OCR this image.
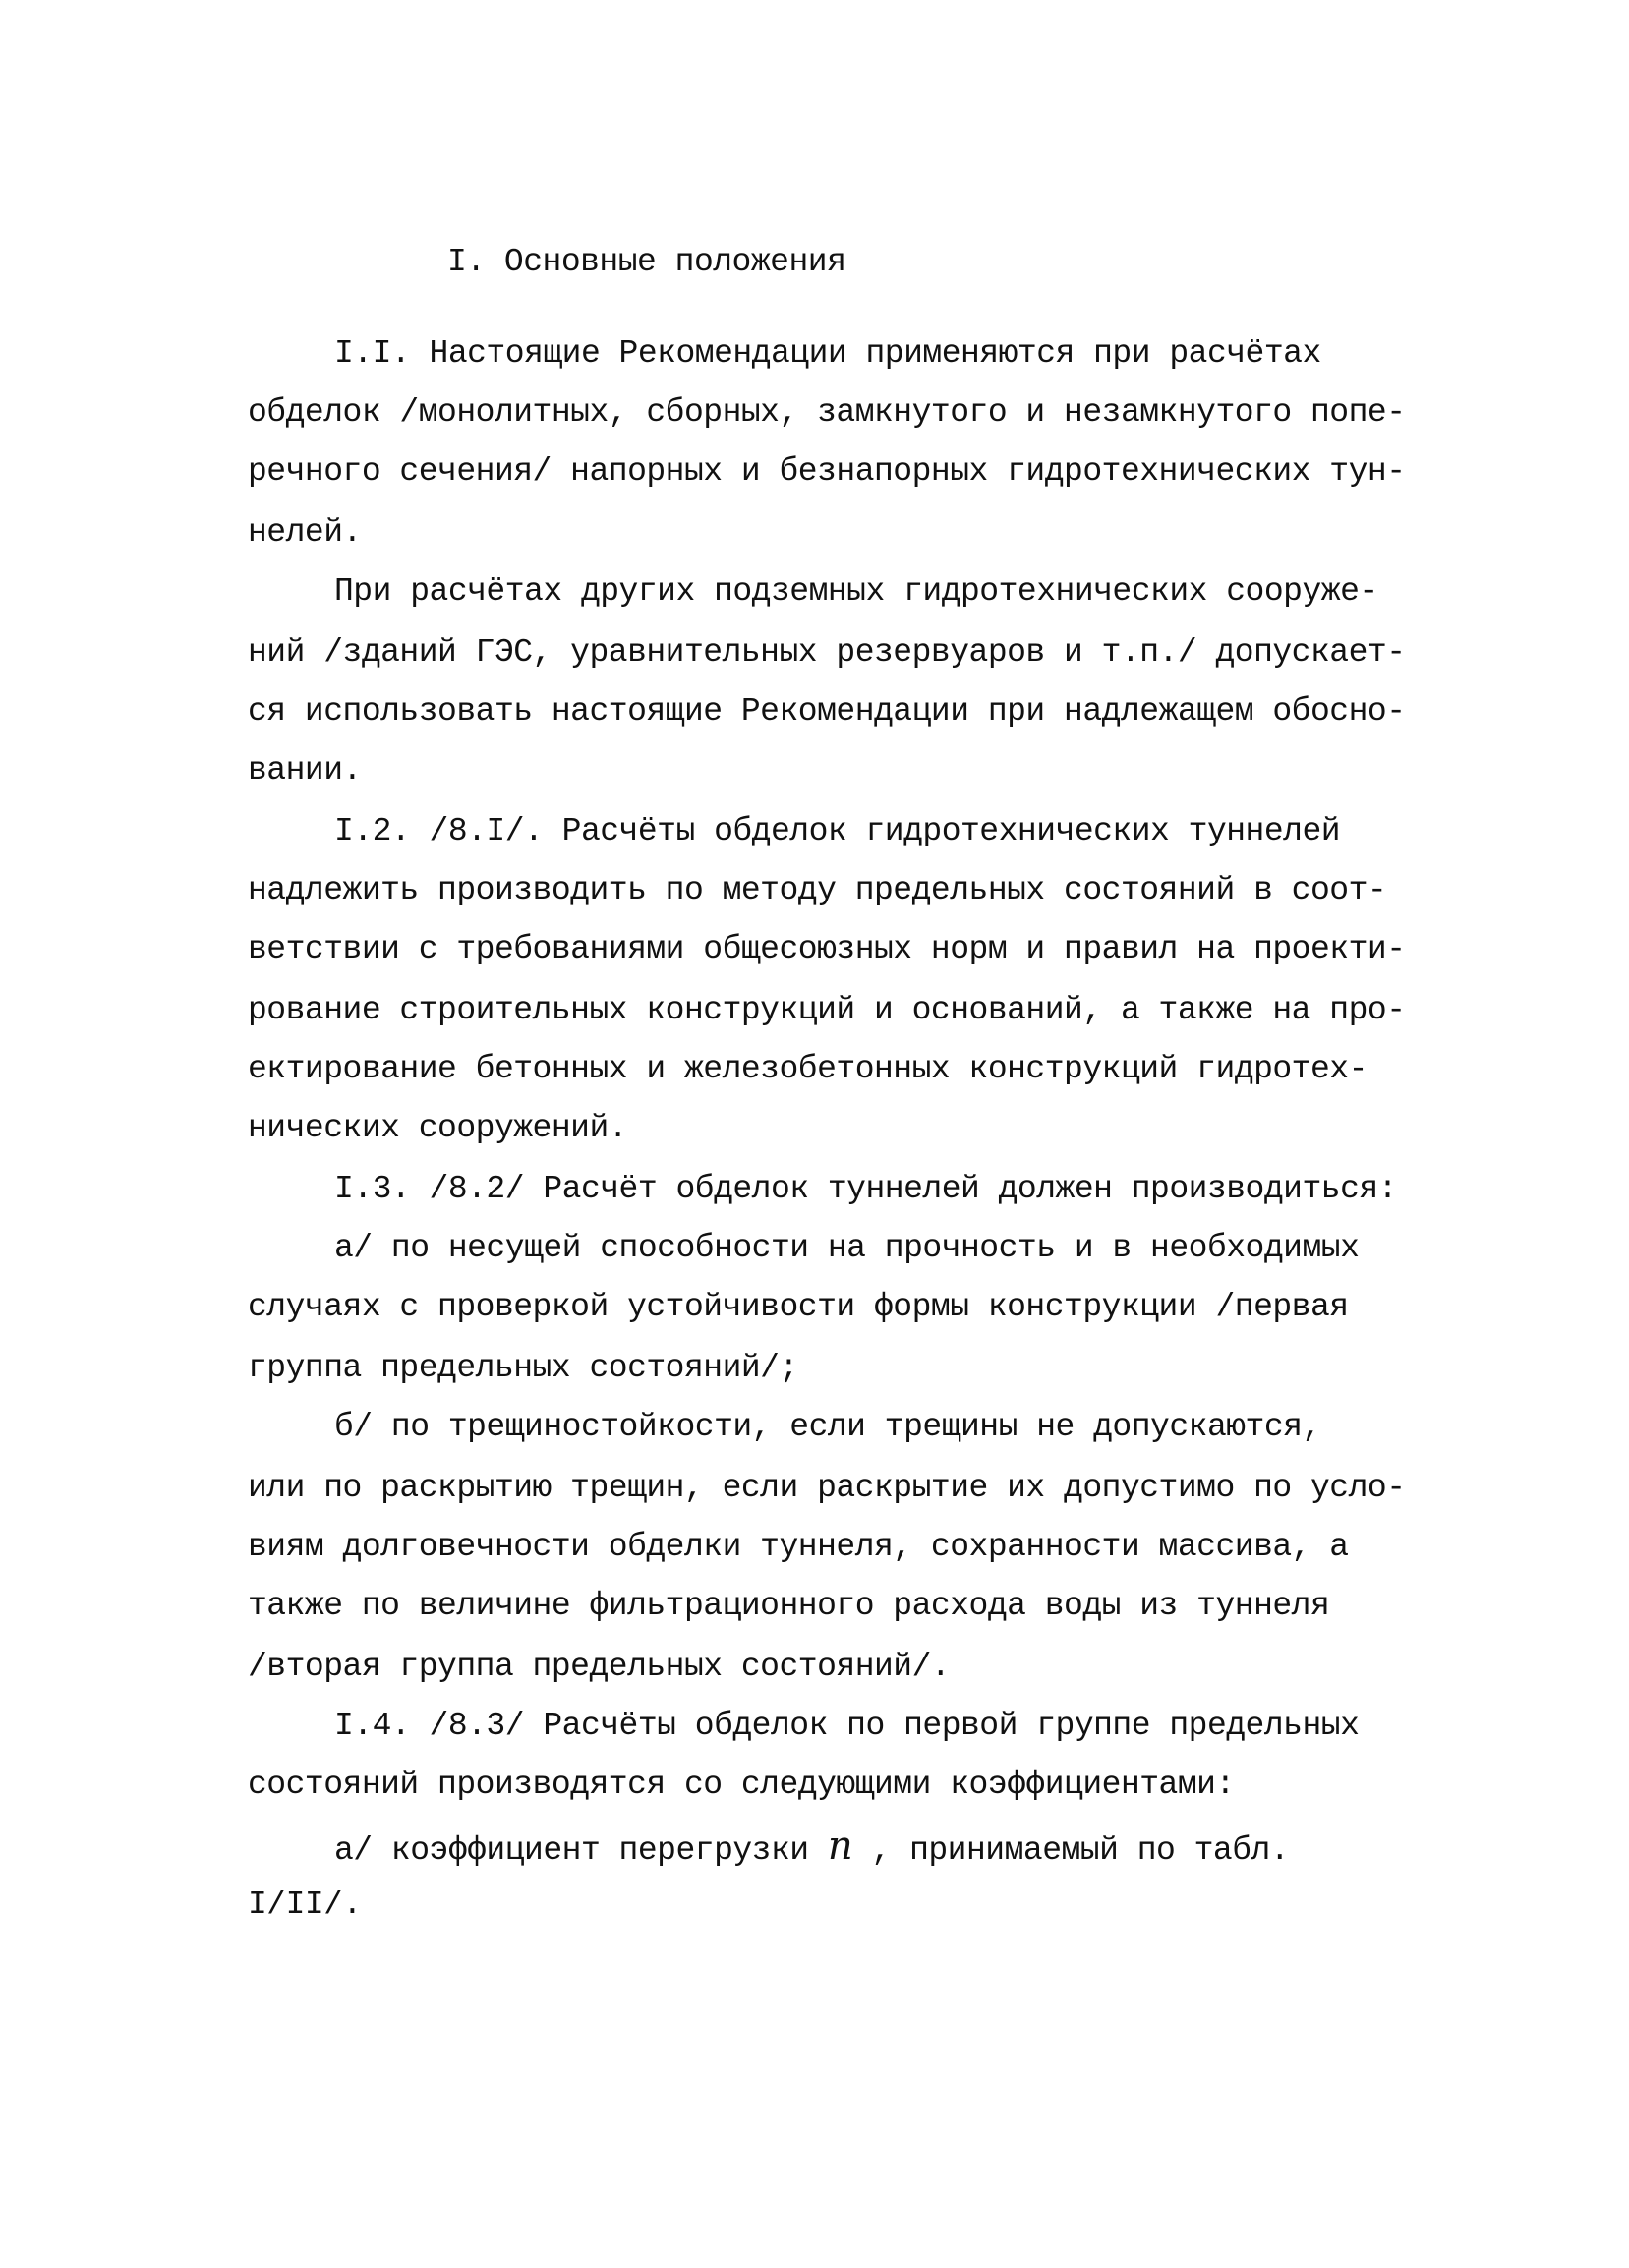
I. Основные положения
I.I. Настоящие Рекомендации применяются при расчётах
обделок /монолитных, сборных, замкнутого и незамкнутого попе-
речного сечения/ напорных и безнапорных гидротехнических тун-
нелей.
При расчётах других подземных гидротехнических сооруже-
ний /зданий ГЭС, уравнительных резервуаров и т.п./ допускает-
ся использовать настоящие Рекомендации при надлежащем обосно-
вании.
I.2. /8.I/. Расчёты обделок гидротехнических туннелей
надлежить производить по методу предельных состояний в соот-
ветствии с требованиями общесоюзных норм и правил на проекти-
рование строительных конструкций и оснований, а также на про-
ектирование бетонных и железобетонных конструкций гидротех-
нических сооружений.
I.3. /8.2/ Расчёт обделок туннелей должен производиться:
а/ по несущей способности на прочность и в необходимых
случаях с проверкой устойчивости формы конструкции /первая
группа предельных состояний/;
б/ по трещиностойкости, если трещины не допускаются,
или по раскрытию трещин, если раскрытие их допустимо по усло-
виям долговечности обделки туннеля, сохранности массива, а
также по величине фильтрационного расхода воды из туннеля
/вторая группа предельных состояний/.
I.4. /8.3/ Расчёты обделок по первой группе предельных
состояний производятся со следующими коэффициентами:
а/ коэффициент перегрузки n , принимаемый по табл.
I/II/.
